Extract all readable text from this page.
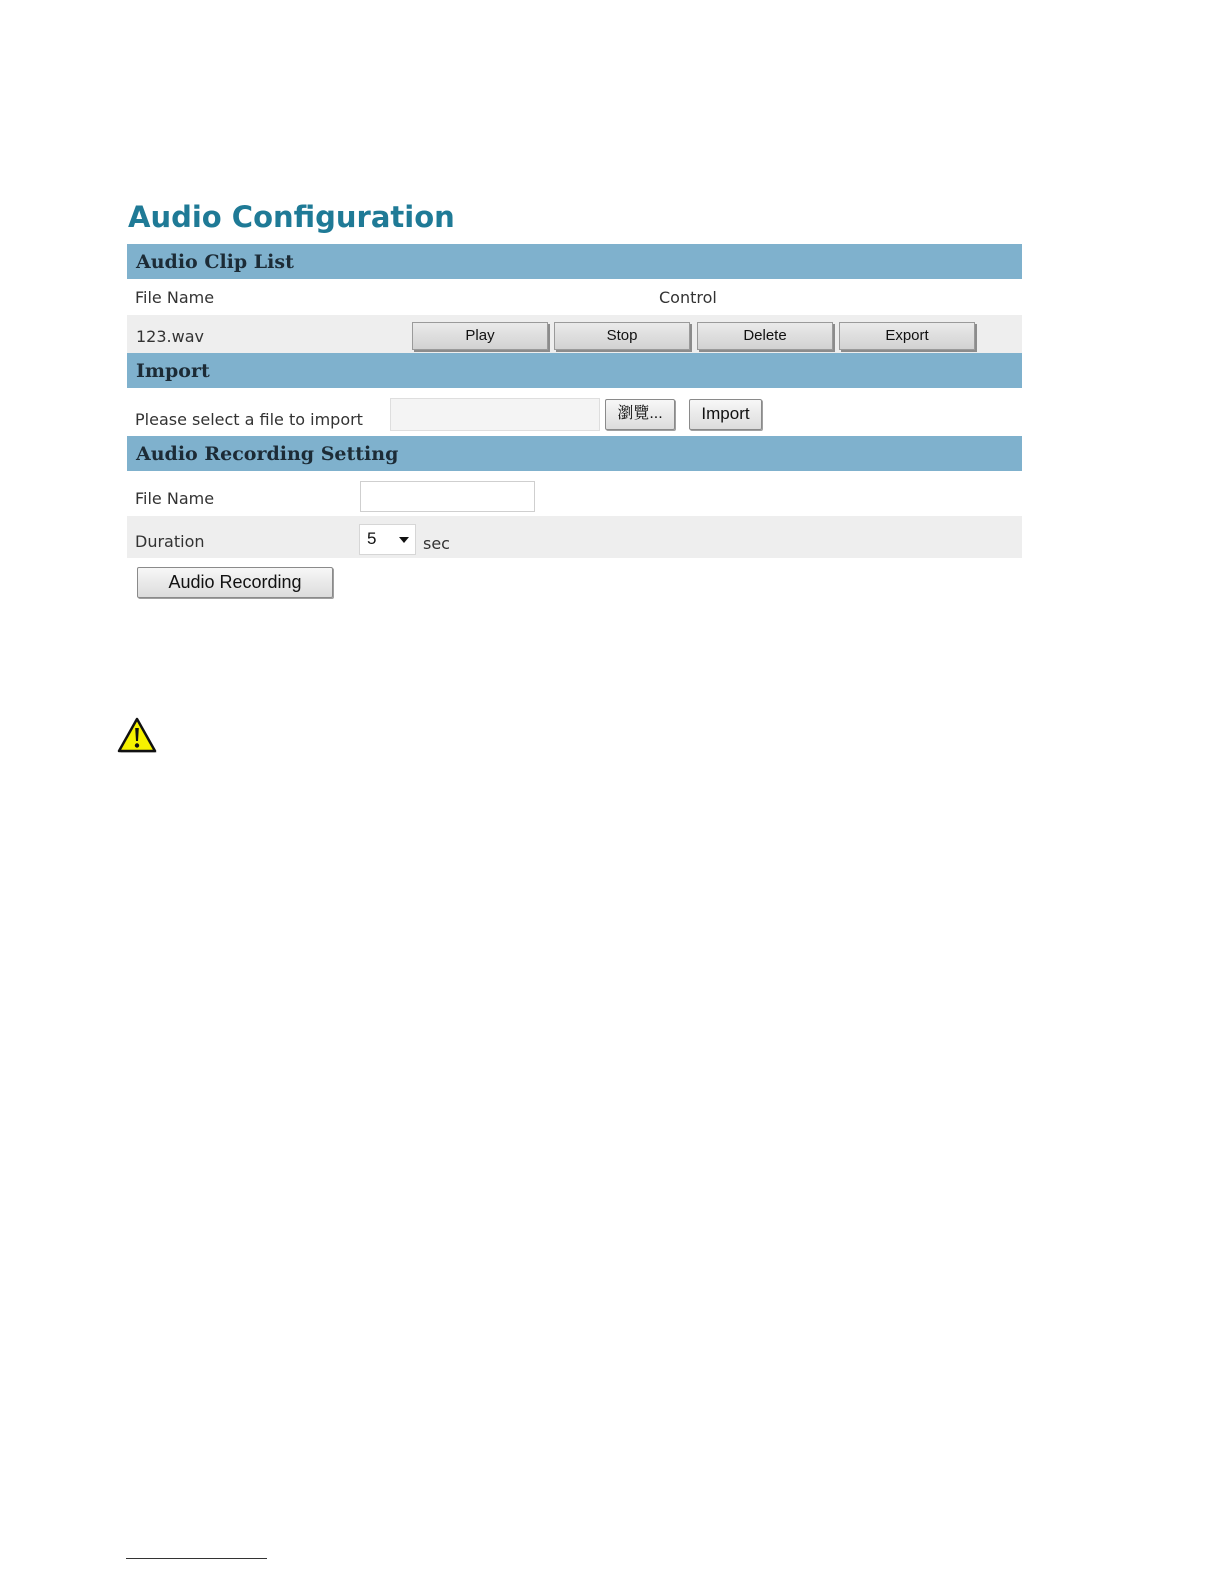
Audio Configuration
Audio Clip List
File Name	Control
123.wav	Play	Stop	Delete	Export
Import
Please select a file to import	瀏覽...	Import
Audio Recording Setting
File Name
Duration	5	sec
Audio Recording
